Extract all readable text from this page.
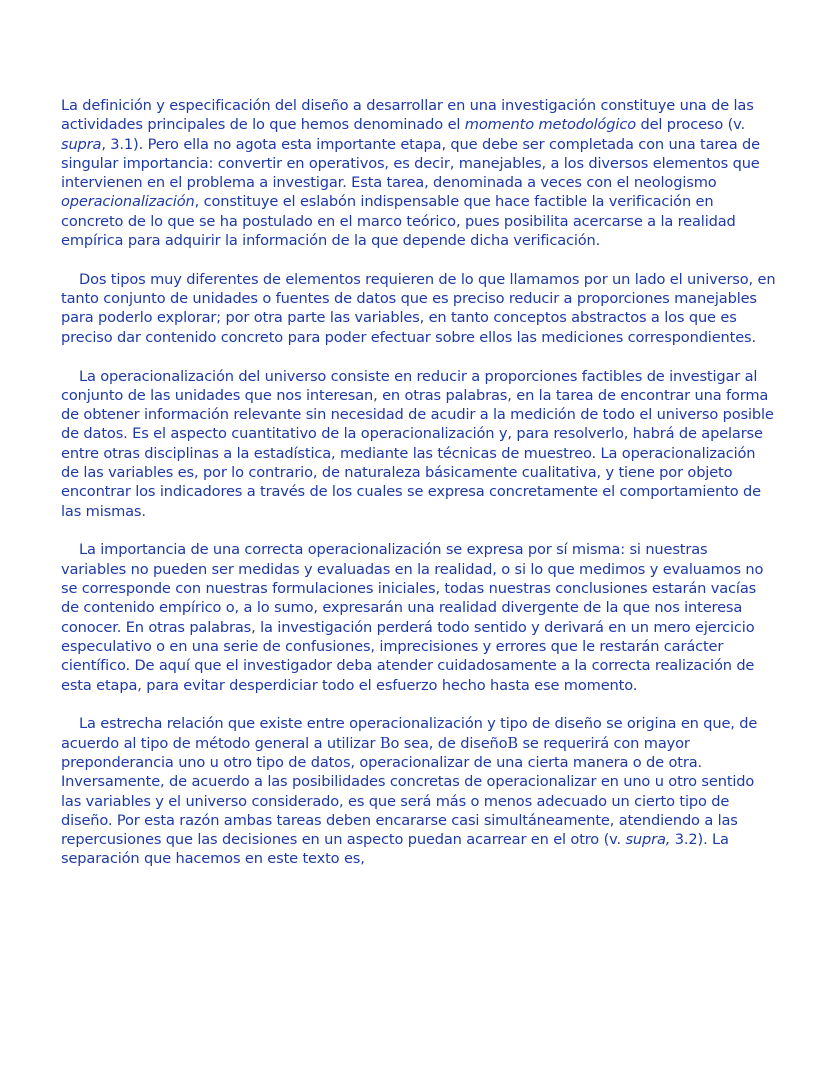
La definición y especificación del diseño a desarrollar en una investigación constituye una de las actividades principales de lo que hemos denominado el momento metodológico del proceso (v. supra, 3.1). Pero ella no agota esta importante etapa, que debe ser completada con una tarea de singular importancia: convertir en operativos, es decir, manejables, a los diversos elementos que intervienen en el problema a investigar. Esta tarea, denominada a veces con el neologismo operacionalización, constituye el eslabón indispensable que hace factible la verificación en concreto de lo que se ha postulado en el marco teórico, pues posibilita acercarse a la realidad empírica para adquirir la información de la que depende dicha verificación.

Dos tipos muy diferentes de elementos requieren de lo que llamamos por un lado el universo, en tanto conjunto de unidades o fuentes de datos que es preciso reducir a proporciones manejables para poderlo explorar; por otra parte las variables, en tanto conceptos abstractos a los que es preciso dar contenido concreto para poder efectuar sobre ellos las mediciones correspondientes.

La operacionalización del universo consiste en reducir a proporciones factibles de investigar al conjunto de las unidades que nos interesan, en otras palabras, en la tarea de encontrar una forma de obtener información relevante sin necesidad de acudir a la medición de todo el universo posible de datos. Es el aspecto cuantitativo de la operacionalización y, para resolverlo, habrá de apelarse entre otras disciplinas a la estadística, mediante las técnicas de muestreo. La operacionalización de las variables es, por lo contrario, de naturaleza básicamente cualitativa, y tiene por objeto encontrar los indicadores a través de los cuales se expresa concretamente el comportamiento de las mismas.

La importancia de una correcta operacionalización se expresa por sí misma: si nuestras variables no pueden ser medidas y evaluadas en la realidad, o si lo que medimos y evaluamos no se corresponde con nuestras formulaciones iniciales, todas nuestras conclusiones estarán vacías de contenido empírico o, a lo sumo, expresarán una realidad divergente de la que nos interesa conocer. En otras palabras, la investigación perderá todo sentido y derivará en un mero ejercicio especulativo o en una serie de confusiones, imprecisiones y errores que le restarán carácter científico. De aquí que el investigador deba atender cuidadosamente a la correcta realización de esta etapa, para evitar desperdiciar todo el esfuerzo hecho hasta ese momento.

La estrecha relación que existe entre operacionalización y tipo de diseño se origina en que, de acuerdo al tipo de método general a utilizar Bo sea, de diseñoB se requerirá con mayor preponderancia uno u otro tipo de datos, operacionalizar de una cierta manera o de otra. Inversamente, de acuerdo a las posibilidades concretas de operacionalizar en uno u otro sentido las variables y el universo considerado, es que será más o menos adecuado un cierto tipo de diseño. Por esta razón ambas tareas deben encararse casi simultáneamente, atendiendo a las repercusiones que las decisiones en un aspecto puedan acarrear en el otro (v. supra, 3.2). La separación que hacemos en este texto es,
